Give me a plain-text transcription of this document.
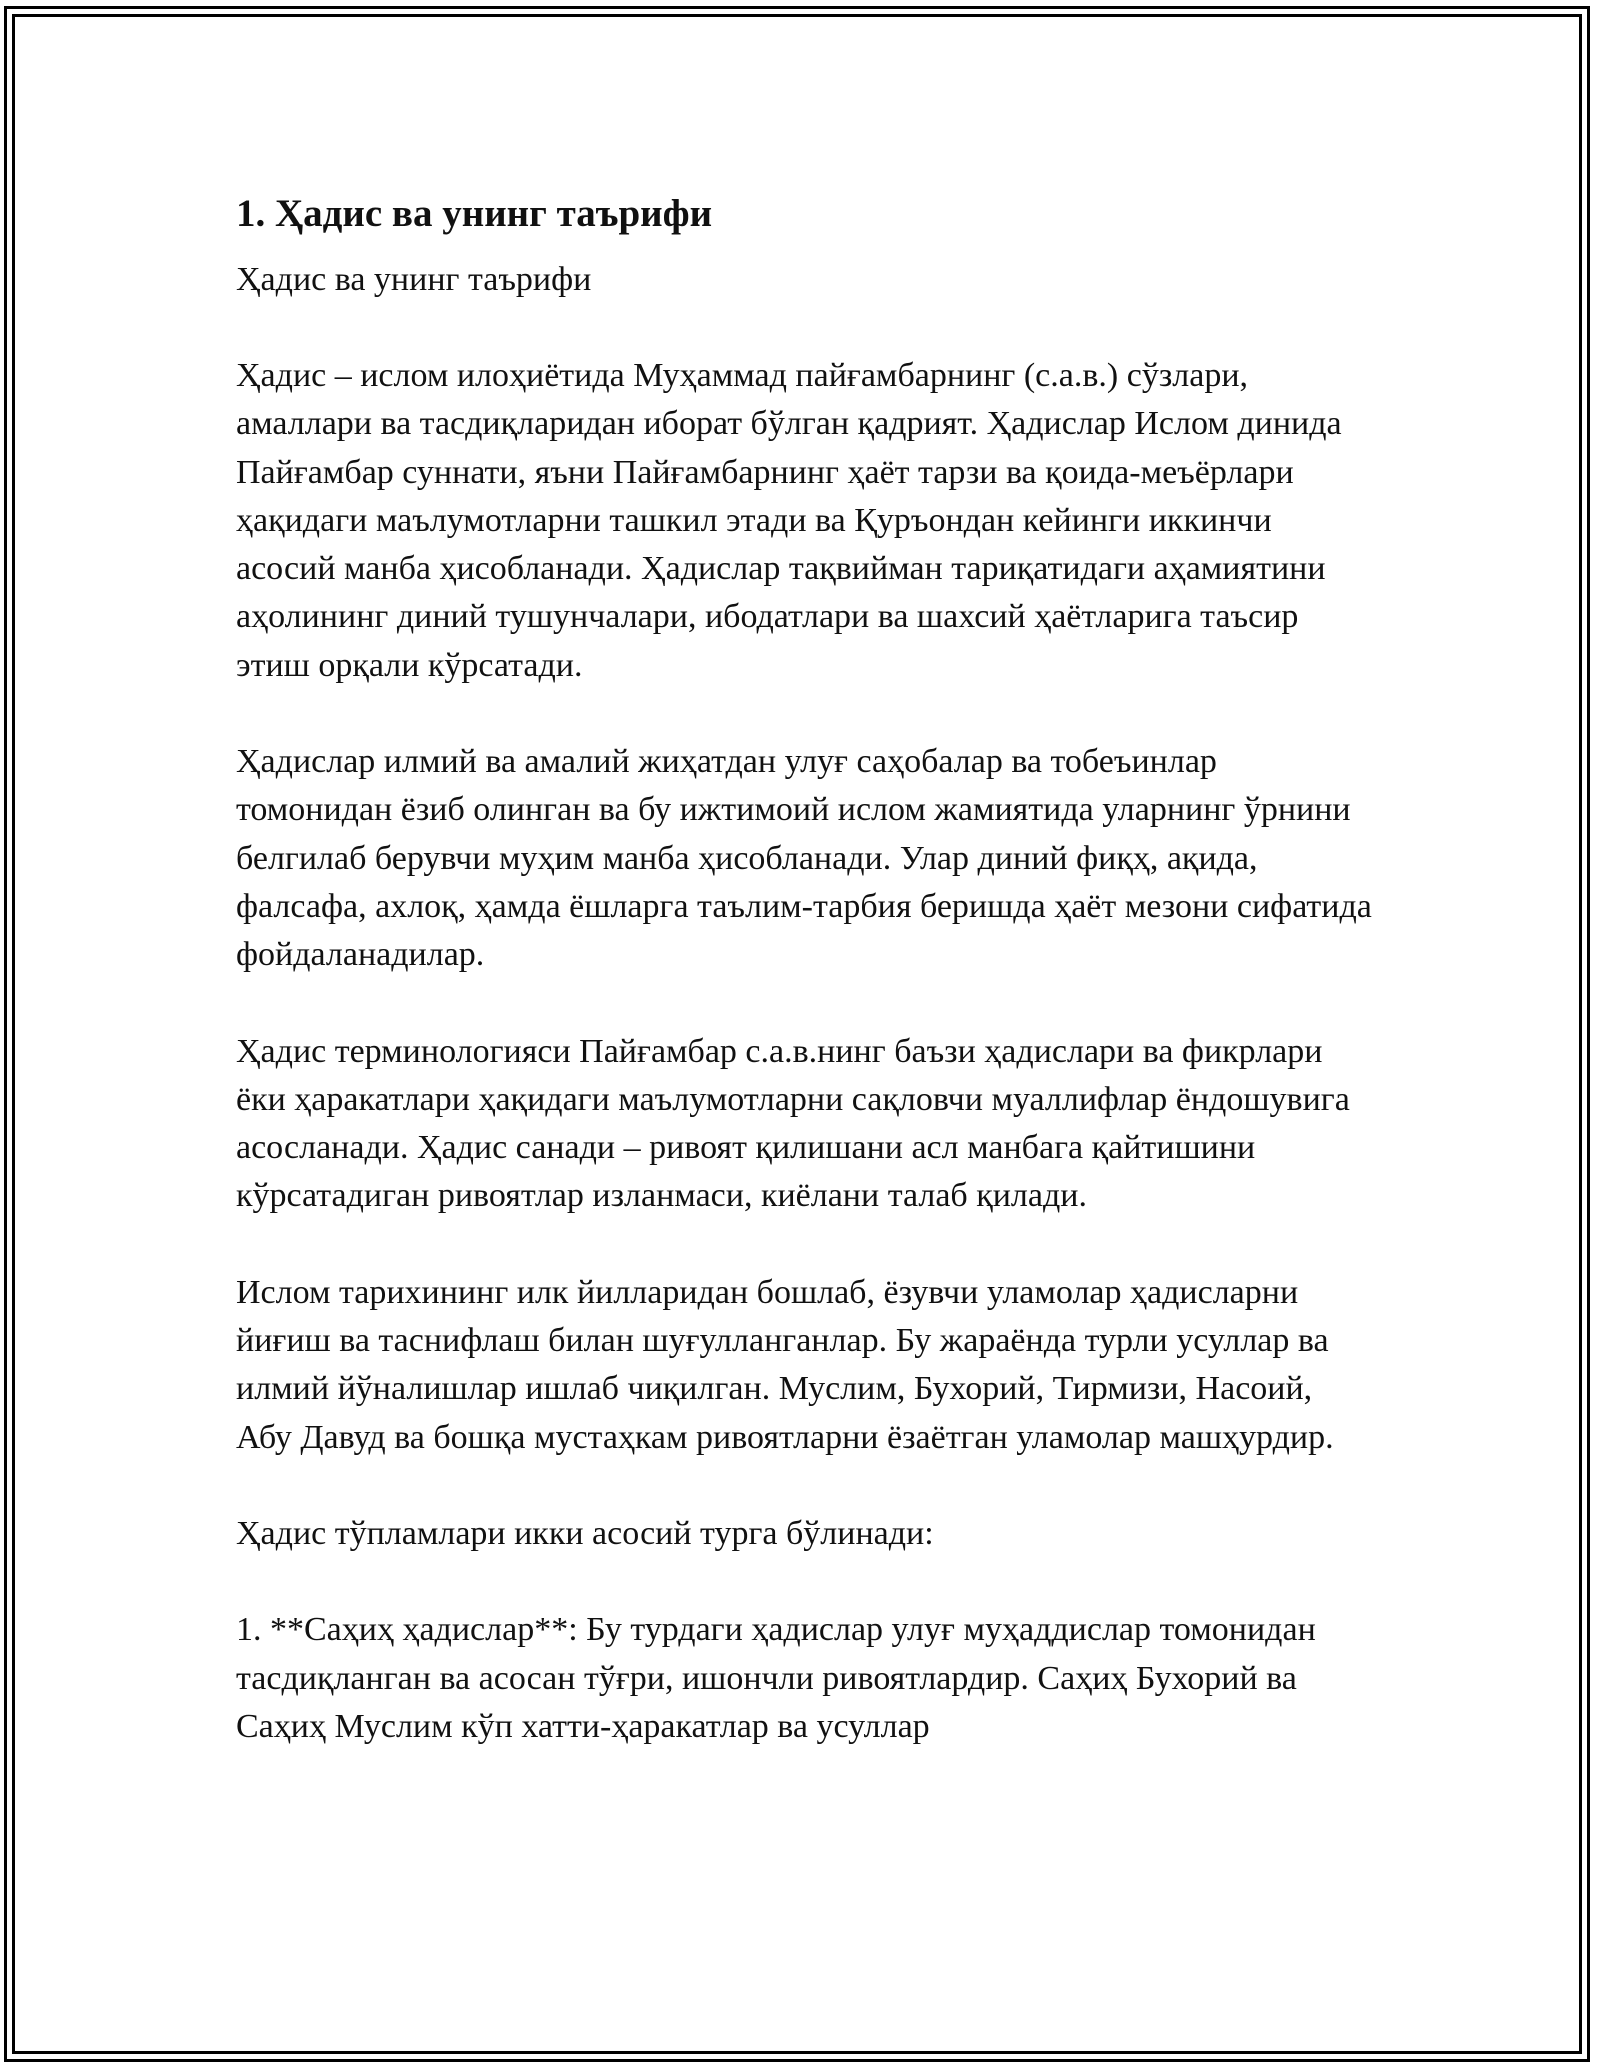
1. Ҳадис ва унинг таърифи

Ҳадис ва унинг таърифи

Ҳадис – ислом илоҳиётида Муҳаммад пайғамбарнинг (с.а.в.) сўзлари, амаллари ва тасдиқларидан иборат бўлган қадрият. Ҳадислар Ислом динида Пайғамбар суннати, яъни Пайғамбарнинг ҳаёт тарзи ва қоида-меъёрлари ҳақидаги маълумотларни ташкил этади ва Қуръондан кейинги иккинчи асосий манба ҳисобланади. Ҳадислар тақвийман тариқатидаги аҳамиятини аҳолининг диний тушунчалари, ибодатлари ва шахсий ҳаётларига таъсир этиш орқали кўрсатади.

Ҳадислар илмий ва амалий жиҳатдан улуғ саҳобалар ва тобеъинлар томонидан ёзиб олинган ва бу ижтимоий ислом жамиятида уларнинг ўрнини белгилаб берувчи муҳим манба ҳисобланади. Улар диний фиқҳ, ақида, фалсафа, ахлоқ, ҳамда ёшларга таълим-тарбия беришда ҳаёт мезони сифатида фойдаланадилар.

Ҳадис терминологияси Пайғамбар с.а.в.нинг баъзи ҳадислари ва фикрлари ёки ҳаракатлари ҳақидаги маълумотларни сақловчи муаллифлар ёндошувига асосланади. Ҳадис санади – ривоят қилишани асл манбага қайтишини кўрсатадиган ривоятлар изланмаси, киёлани талаб қилади.

Ислом тарихининг илк йилларидан бошлаб, ёзувчи уламолар ҳадисларни йиғиш ва таснифлаш билан шуғулланганлар. Бу жараёнда турли усуллар ва илмий йўналишлар ишлаб чиқилган. Муслим, Бухорий, Тирмизи, Насоий, Абу Давуд ва бошқа мустаҳкам ривоятларни ёзаётган уламолар машҳурдир.

Ҳадис тўпламлари икки асосий турга бўлинади:

1. **Саҳиҳ ҳадислар**: Бу турдаги ҳадислар улуғ муҳаддислар томонидан тасдиқланган ва асосан тўғри, ишончли ривоятлардир. Саҳиҳ Бухорий ва Саҳиҳ Муслим кўп хатти-ҳаракатлар ва усуллар
